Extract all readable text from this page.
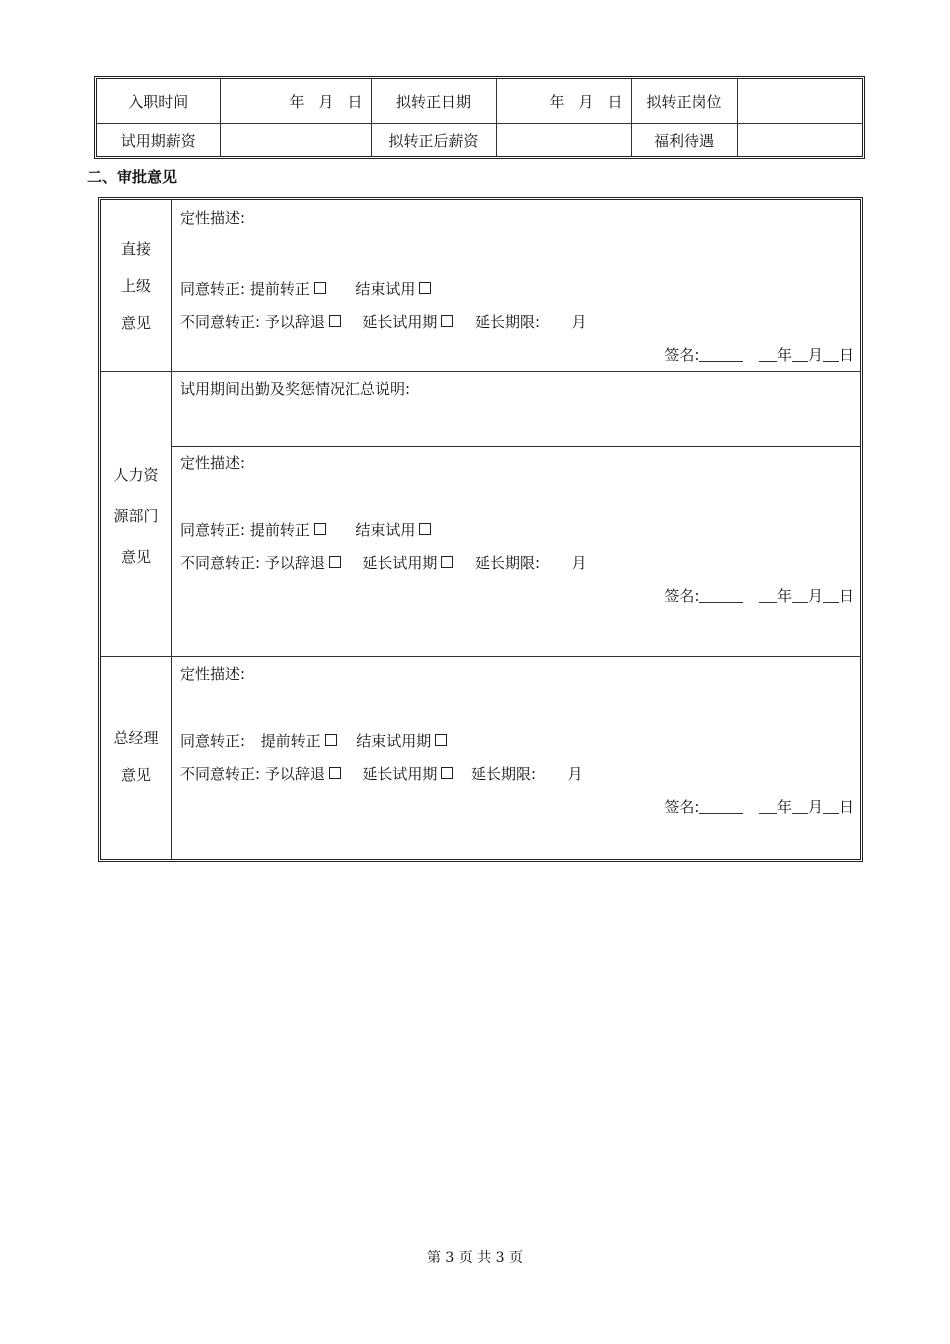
入职时间	年 月 日	拟转正日期	年 月 日	拟转正岗位	
试用期薪资		拟转正后薪资		福利待遇	
二、审批意见
直接
上级
意见
定性描述:
同意转正: 提前转正	结束试用
不同意转正: 予以辞退	延长试用期	延长期限: 月
签名:	年 月 日
人力资
源部门
意见
试用期间出勤及奖惩情况汇总说明:
定性描述:
同意转正: 提前转正	结束试用
不同意转正: 予以辞退	延长试用期	延长期限: 月
签名:	年 月 日
总经理
意见
定性描述:
同意转正: 提前转正 结束试用期
不同意转正: 予以辞退	延长试用期 延长期限: 月
签名:	年 月 日
第 3 页 共 3 页
